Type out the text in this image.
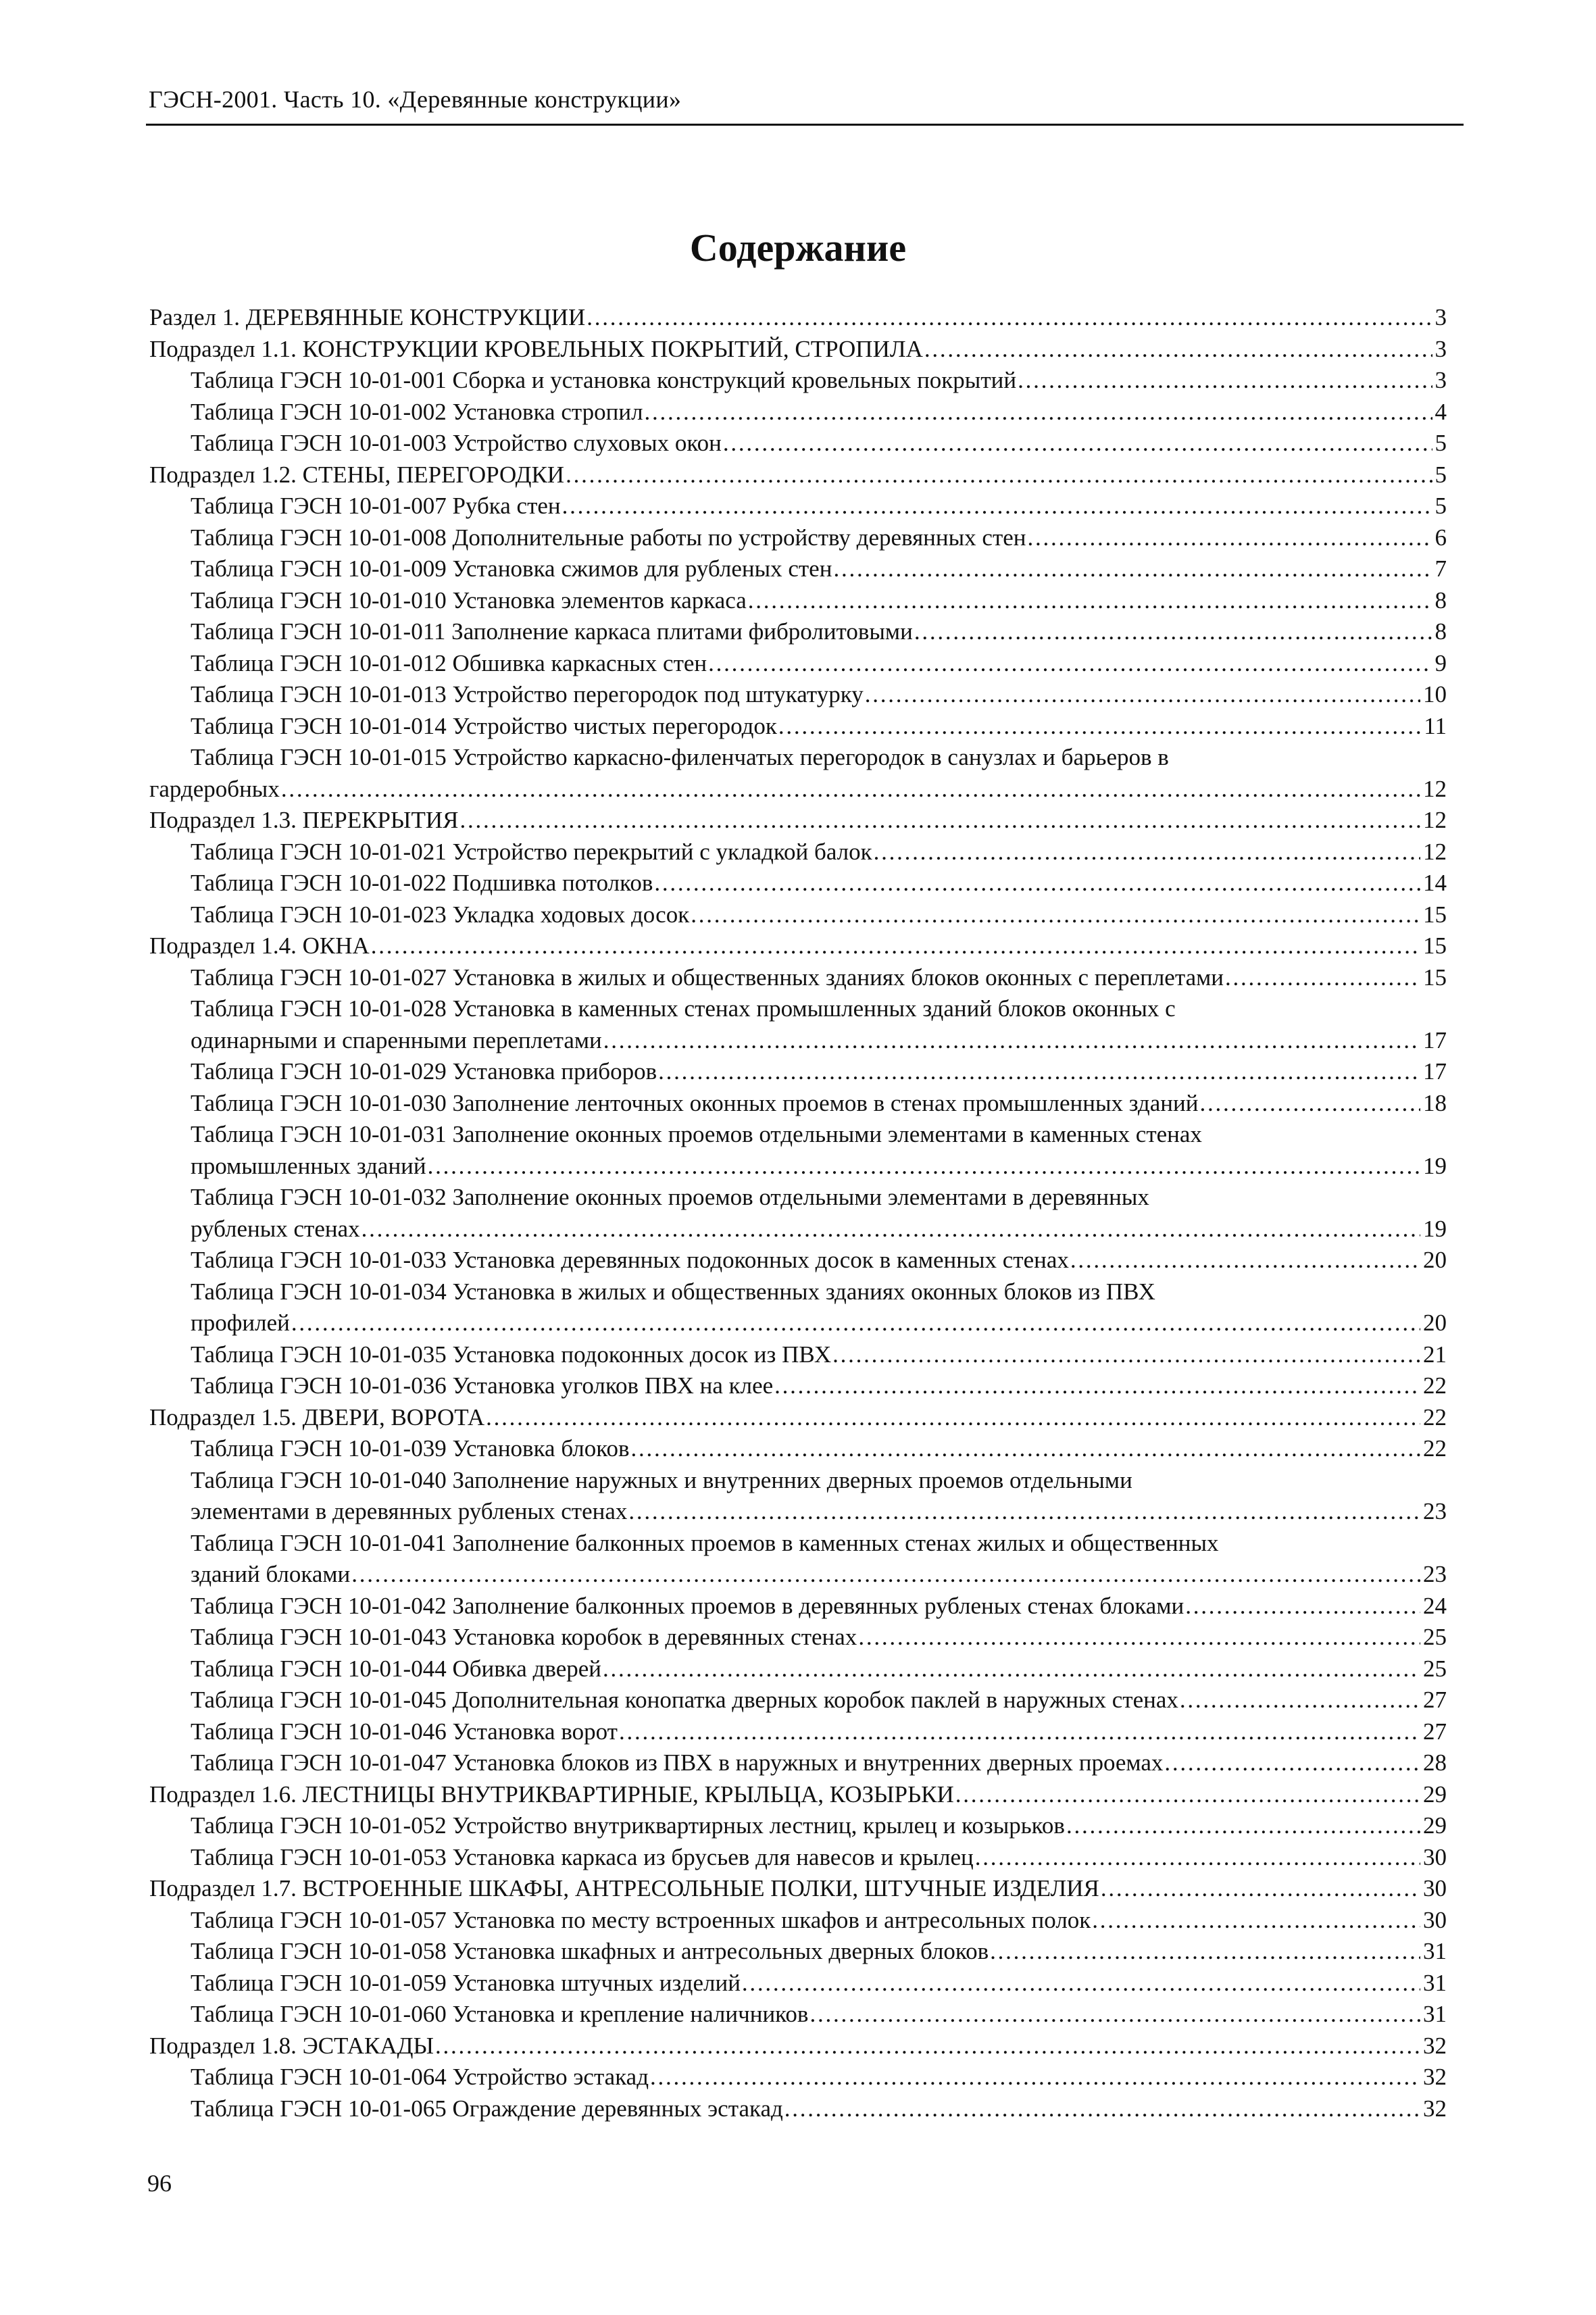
ГЭСН-2001. Часть 10. «Деревянные конструкции»
Содержание
Раздел 1. ДЕРЕВЯННЫЕ КОНСТРУКЦИИ . . .	3
Подраздел 1.1. КОНСТРУКЦИИ КРОВЕЛЬНЫХ ПОКРЫТИЙ, СТРОПИЛА . . .	3
Таблица ГЭСН 10-01-001 Сборка и установка конструкций кровельных покрытий . . .	3
Таблица ГЭСН 10-01-002 Установка стропил . . .	4
Таблица ГЭСН 10-01-003 Устройство слуховых окон . . .	5
Подраздел 1.2. СТЕНЫ, ПЕРЕГОРОДКИ . . .	5
Таблица ГЭСН 10-01-007 Рубка стен . . .	5
Таблица ГЭСН 10-01-008 Дополнительные работы по устройству деревянных стен . . .	6
Таблица ГЭСН 10-01-009 Установка сжимов для рубленых стен . . .	7
Таблица ГЭСН 10-01-010 Установка элементов каркаса . . .	8
Таблица ГЭСН 10-01-011 Заполнение каркаса плитами фибролитовыми . . .	8
Таблица ГЭСН 10-01-012 Обшивка каркасных стен . . .	9
Таблица ГЭСН 10-01-013 Устройство перегородок под штукатурку . . .	10
Таблица ГЭСН 10-01-014 Устройство чистых перегородок . . .	11
Таблица ГЭСН 10-01-015 Устройство каркасно-филенчатых перегородок в санузлах и барьеров в
гардеробных . . .	12
Подраздел 1.3. ПЕРЕКРЫТИЯ . . .	12
Таблица ГЭСН 10-01-021 Устройство перекрытий с укладкой балок . . .	12
Таблица ГЭСН 10-01-022 Подшивка потолков . . .	14
Таблица ГЭСН 10-01-023 Укладка ходовых досок . . .	15
Подраздел 1.4. ОКНА . . .	15
Таблица ГЭСН 10-01-027 Установка в жилых и общественных зданиях блоков оконных с переплетами . . .	15
Таблица ГЭСН 10-01-028 Установка в каменных стенах промышленных зданий блоков оконных с
одинарными и спаренными переплетами . . .	17
Таблица ГЭСН 10-01-029 Установка приборов . . .	17
Таблица ГЭСН 10-01-030 Заполнение ленточных оконных проемов в стенах промышленных зданий . . .	18
Таблица ГЭСН 10-01-031 Заполнение оконных проемов отдельными элементами в каменных стенах
промышленных зданий . . .	19
Таблица ГЭСН 10-01-032 Заполнение оконных проемов отдельными элементами в деревянных
рубленых стенах . . .	19
Таблица ГЭСН 10-01-033 Установка деревянных подоконных досок в каменных стенах . . .	20
Таблица ГЭСН 10-01-034 Установка в жилых и общественных зданиях оконных блоков из ПВХ
профилей . . .	20
Таблица ГЭСН 10-01-035 Установка подоконных досок из ПВХ . . .	21
Таблица ГЭСН 10-01-036 Установка уголков ПВХ на клее . . .	22
Подраздел 1.5. ДВЕРИ, ВОРОТА . . .	22
Таблица ГЭСН 10-01-039 Установка блоков . . .	22
Таблица ГЭСН 10-01-040 Заполнение наружных и внутренних дверных проемов отдельными
элементами в деревянных рубленых стенах . . .	23
Таблица ГЭСН 10-01-041 Заполнение балконных проемов в каменных стенах жилых и общественных
зданий блоками . . .	23
Таблица ГЭСН 10-01-042 Заполнение балконных проемов в деревянных рубленых стенах блоками . . .	24
Таблица ГЭСН 10-01-043 Установка коробок в деревянных стенах . . .	25
Таблица ГЭСН 10-01-044 Обивка дверей . . .	25
Таблица ГЭСН 10-01-045 Дополнительная конопатка дверных коробок паклей в наружных стенах . . .	27
Таблица ГЭСН 10-01-046 Установка ворот . . .	27
Таблица ГЭСН 10-01-047 Установка блоков из ПВХ в наружных и внутренних дверных проемах . . .	28
Подраздел 1.6. ЛЕСТНИЦЫ ВНУТРИКВАРТИРНЫЕ, КРЫЛЬЦА, КОЗЫРЬКИ . . .	29
Таблица ГЭСН 10-01-052 Устройство внутриквартирных лестниц, крылец и козырьков . . .	29
Таблица ГЭСН 10-01-053 Установка каркаса из брусьев для навесов и крылец . . .	30
Подраздел 1.7. ВСТРОЕННЫЕ ШКАФЫ, АНТРЕСОЛЬНЫЕ ПОЛКИ, ШТУЧНЫЕ ИЗДЕЛИЯ . . .	30
Таблица ГЭСН 10-01-057 Установка по месту встроенных шкафов и антресольных полок . . .	30
Таблица ГЭСН 10-01-058 Установка шкафных и антресольных дверных блоков . . .	31
Таблица ГЭСН 10-01-059 Установка штучных изделий . . .	31
Таблица ГЭСН 10-01-060 Установка и крепление наличников . . .	31
Подраздел 1.8. ЭСТАКАДЫ . . .	32
Таблица ГЭСН 10-01-064 Устройство эстакад . . .	32
Таблица ГЭСН 10-01-065 Ограждение деревянных эстакад . . .	32
96
